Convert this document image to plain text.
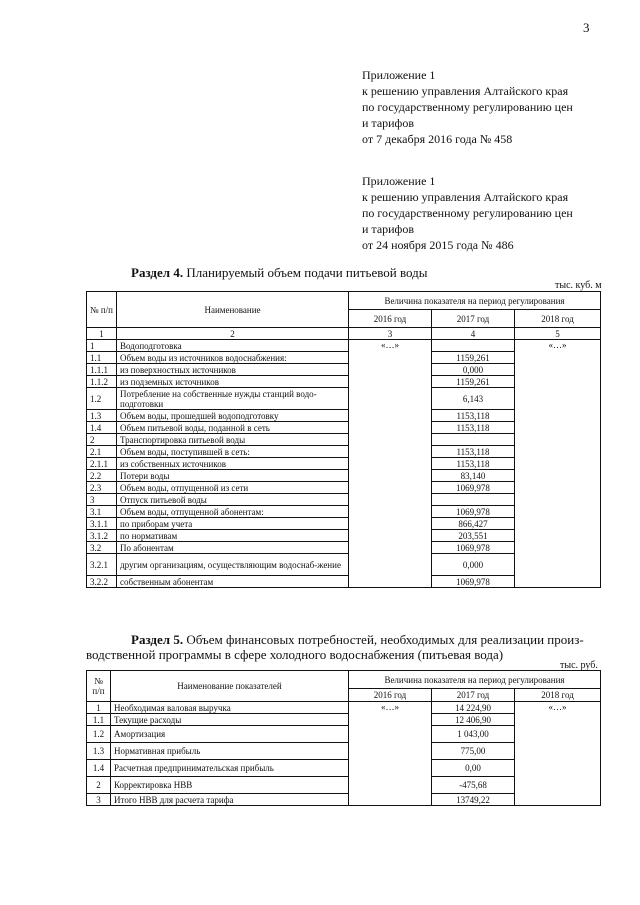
3
Приложение 1
к решению управления Алтайского края
по государственному регулированию цен
и тарифов
от 7 декабря 2016 года № 458
Приложение 1
к решению управления Алтайского края
по государственному регулированию цен
и тарифов
от 24 ноября 2015 года № 486
Раздел 4. Планируемый объем подачи питьевой воды
тыс. куб. м
№ п/п	Наименование	Величина показателя на период регулирования		
		2016 год	2017 год	2018 год
1	2	3	4	5
1	Водоподготовка	«…»		«…»
1.1	Объем воды из источников водоснабжения:		1159,261	
1.1.1	из поверхностных источников		0,000	
1.1.2	из подземных источников		1159,261	
1.2	Потребление на собственные нужды станций водо-подготовки		6,143	
1.3	Объем воды, прошедшей водоподготовку		1153,118	
1.4	Объем питьевой воды, поданной в сеть		1153,118	
2	Транспортировка питьевой воды			
2.1	Объем воды, поступившей в сеть:		1153,118	
2.1.1	из собственных источников		1153,118	
2.2	Потери воды		83,140	
2.3	Объем воды, отпущенной из сети		1069,978	
3	Отпуск питьевой воды			
3.1	Объем воды, отпущенной абонентам:		1069,978	
3.1.1	по приборам учета		866,427	
3.1.2	по нормативам		203,551	
3.2	По абонентам		1069,978	
3.2.1	другим организациям, осуществляющим водоснаб-жение		0,000	
3.2.2	собственным абонентам		1069,978	
Раздел 5. Объем финансовых потребностей, необходимых для реализации произ-
водственной программы в сфере холодного водоснабжения (питьевая вода)
тыс. руб.
№ п/п	Наименование показателей	Величина показателя на период регулирования		
		2016 год	2017 год	2018 год
1	Необходимая валовая выручка	«…»	14 224,90	«…»
1.1	Текущие расходы		12 406,90	
1.2	Амортизация		1 043,00	
1.3	Нормативная прибыль		775,00	
1.4	Расчетная предпринимательская прибыль		0,00	
2	Корректировка НВВ		-475,68	
3	Итого НВВ для расчета тарифа		13749,22	
